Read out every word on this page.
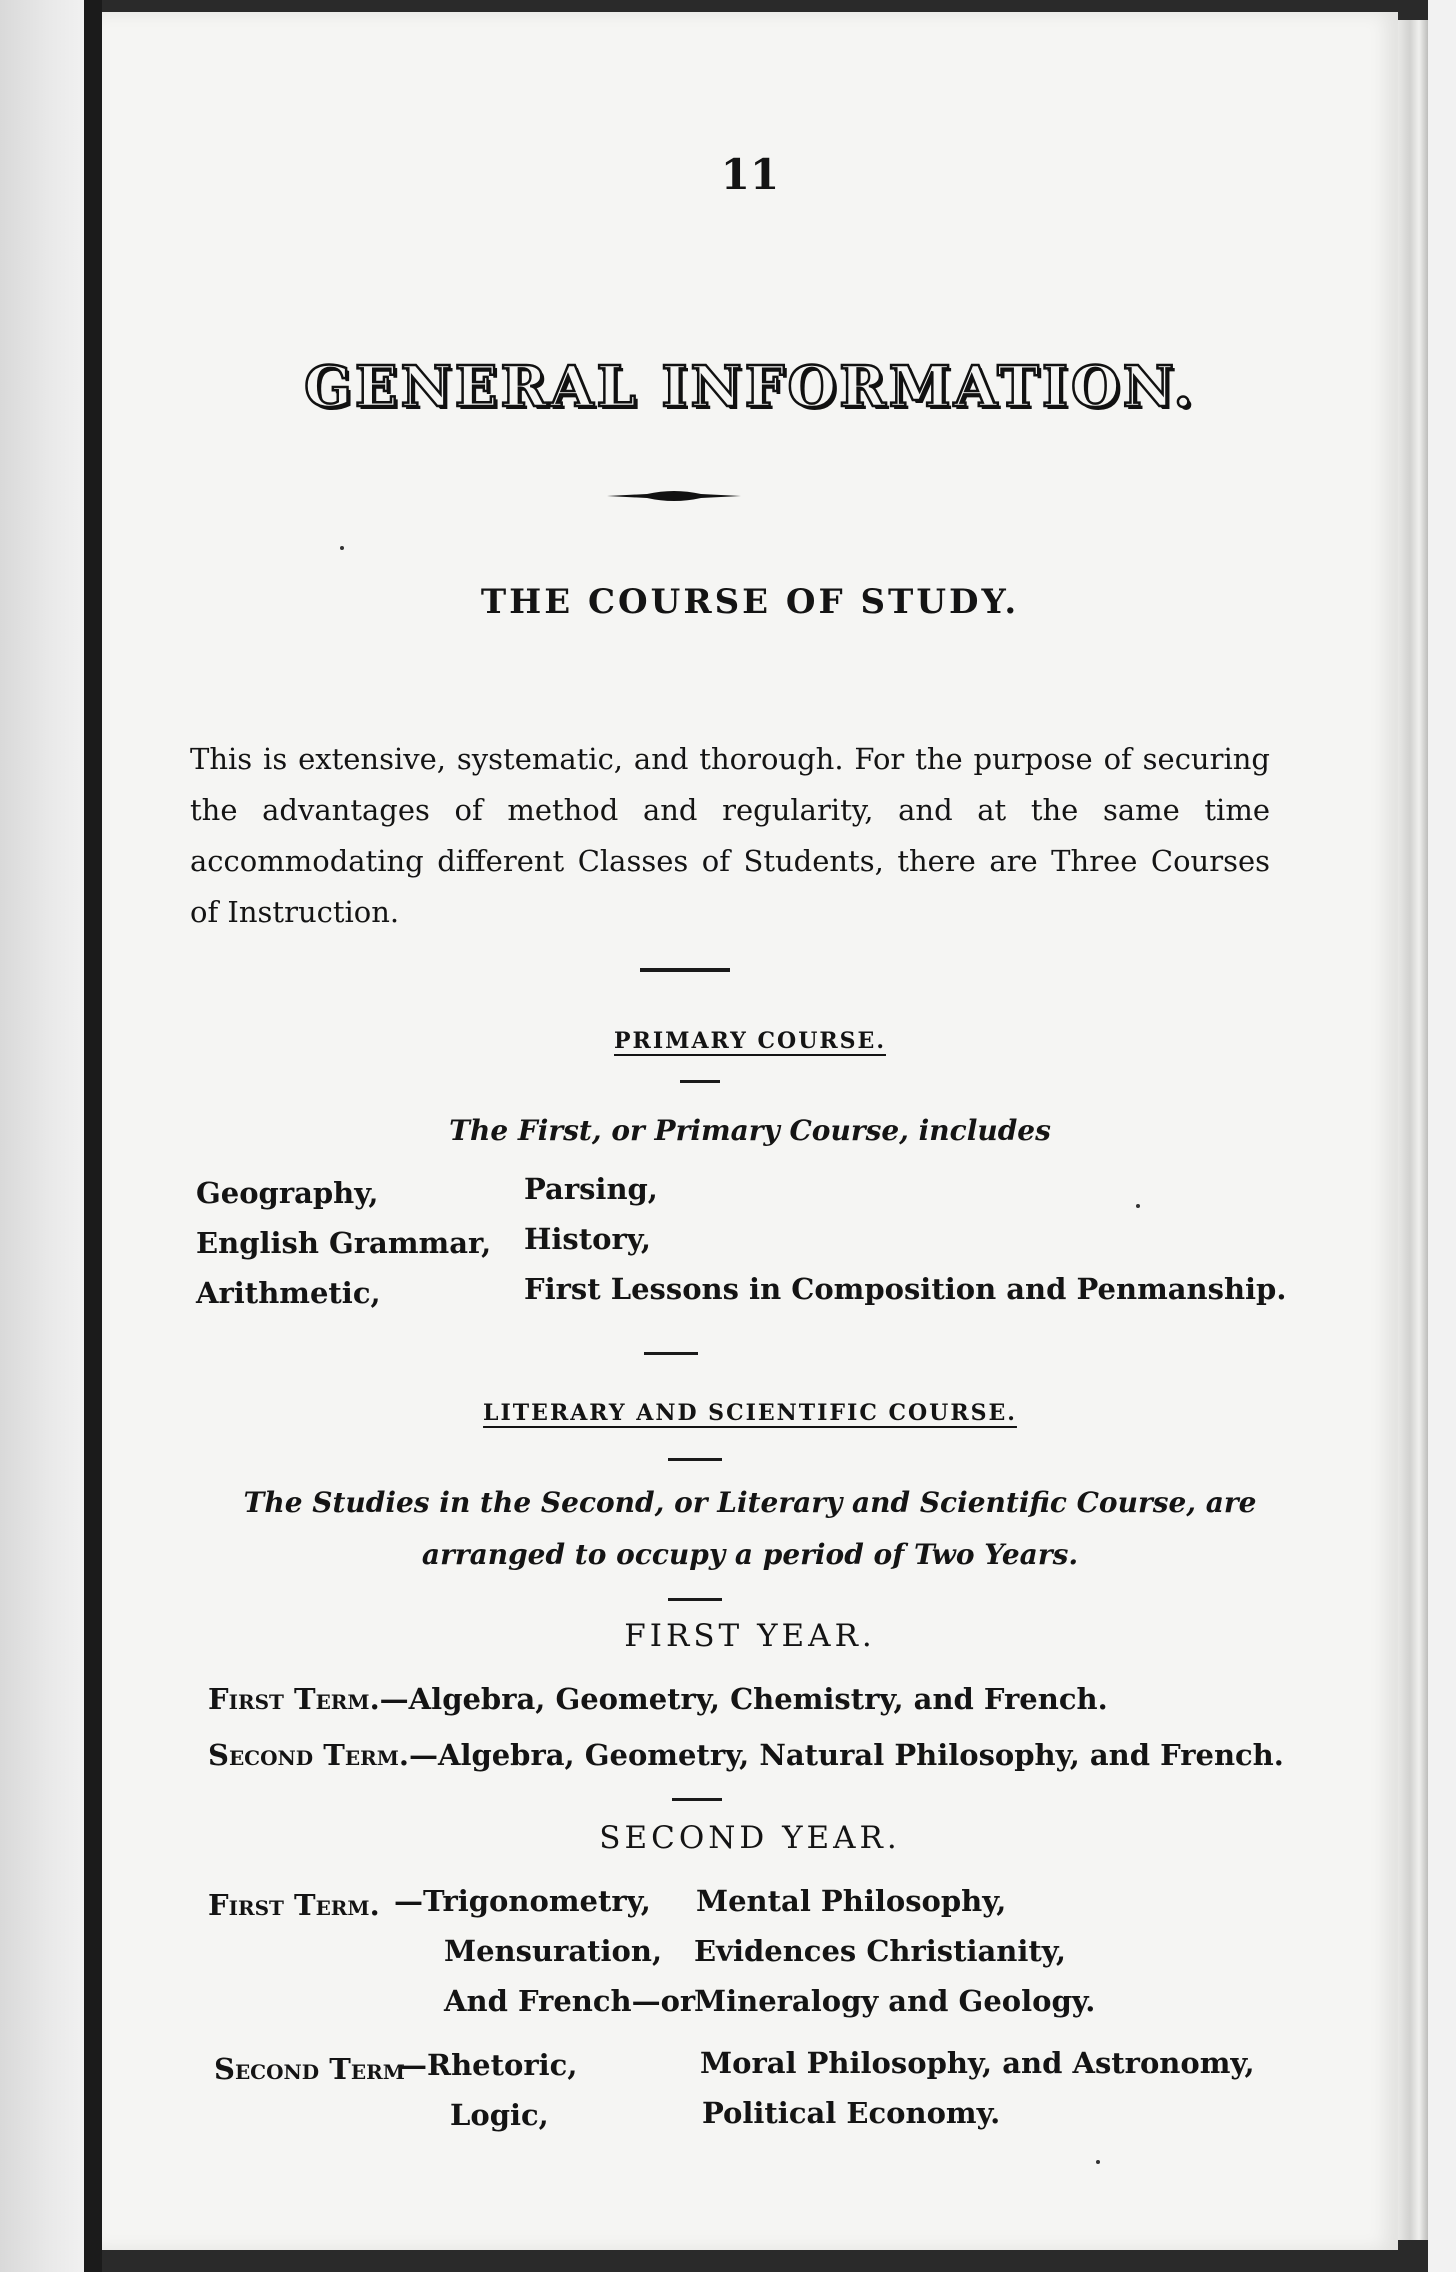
11
GENERAL INFORMATION.
THE COURSE OF STUDY.
This is extensive, systematic, and thorough. For the purpose of securing the advantages of method and regularity, and at the same time accommodating different Classes of Students, there are Three Courses of Instruction.
PRIMARY COURSE.
The First, or Primary Course, includes
Geography,
English Grammar,
Arithmetic,
Parsing,
History,
First Lessons in Composition and Penmanship.
LITERARY AND SCIENTIFIC COURSE.
The Studies in the Second, or Literary and Scientific Course, are
arranged to occupy a period of Two Years.
FIRST YEAR.
First Term.—Algebra, Geometry, Chemistry, and French.
Second Term.—Algebra, Geometry, Natural Philosophy, and French.
SECOND YEAR.
First Term. —Trigonometry,
Mensuration,
And French—or
Mental Philosophy,
Evidences Christianity,
Mineralogy and Geology.
Second Term
—Rhetoric,
Logic,
Moral Philosophy, and Astronomy,
Political Economy.
